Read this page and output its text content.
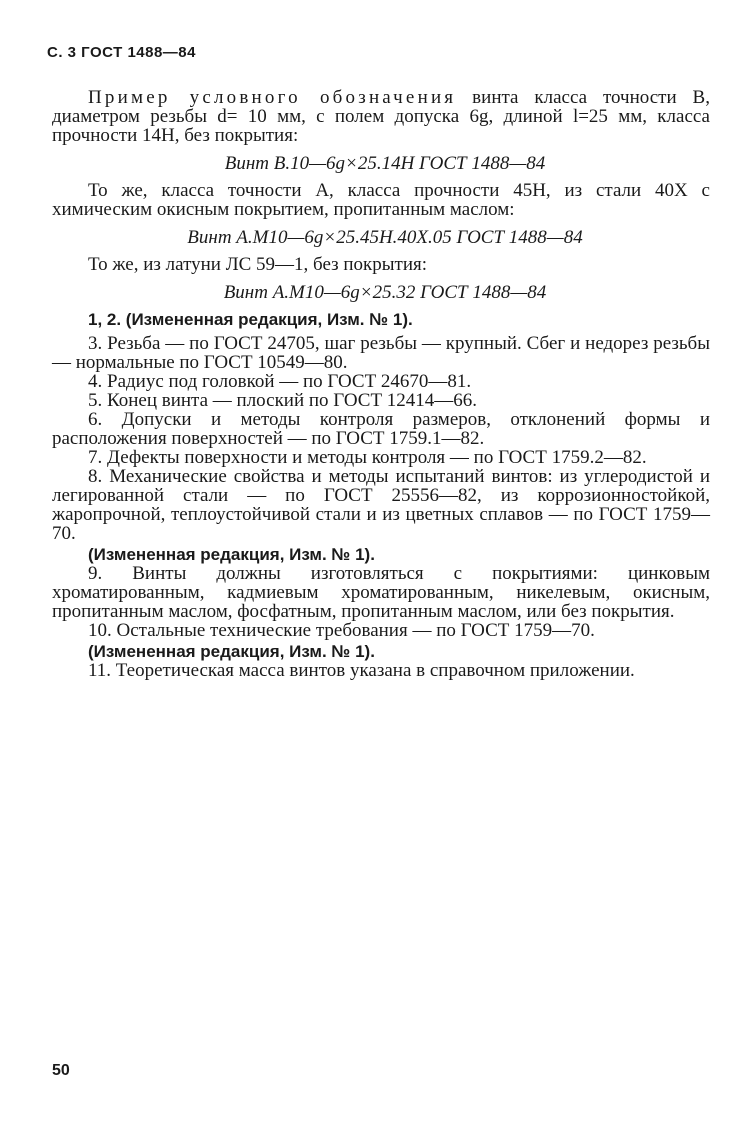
С. 3 ГОСТ 1488—84

Пример условного обозначения винта класса точности B, диаметром резьбы d= 10 мм, с полем допуска 6g, длиной l=25 мм, класса прочности 14H, без покрытия:

Винт B.10—6g×25.14H ГОСТ 1488—84

То же, класса точности A, класса прочности 45H, из стали 40X с химическим окисным покрытием, пропитанным маслом:

Винт A.M10—6g×25.45H.40X.05 ГОСТ 1488—84

То же, из латуни ЛС 59—1, без покрытия:

Винт A.M10—6g×25.32 ГОСТ 1488—84

1, 2. (Измененная редакция, Изм. № 1).

3. Резьба — по ГОСТ 24705, шаг резьбы — крупный. Сбег и недорез резьбы — нормальные по ГОСТ 10549—80.

4. Радиус под головкой — по ГОСТ 24670—81.

5. Конец винта — плоский по ГОСТ 12414—66.

6. Допуски и методы контроля размеров, отклонений формы и расположения поверхностей — по ГОСТ 1759.1—82.

7. Дефекты поверхности и методы контроля — по ГОСТ 1759.2—82.

8. Механические свойства и методы испытаний винтов: из углеродистой и легированной стали — по ГОСТ 25556—82, из коррозионностойкой, жаропрочной, теплоустойчивой стали и из цветных сплавов — по ГОСТ 1759—70.

(Измененная редакция, Изм. № 1).

9. Винты должны изготовляться с покрытиями: цинковым хроматированным, кадмиевым хроматированным, никелевым, окисным, пропитанным маслом, фосфатным, пропитанным маслом, или без покрытия.

10. Остальные технические требования — по ГОСТ 1759—70.

(Измененная редакция, Изм. № 1).

11. Теоретическая масса винтов указана в справочном приложении.

50
